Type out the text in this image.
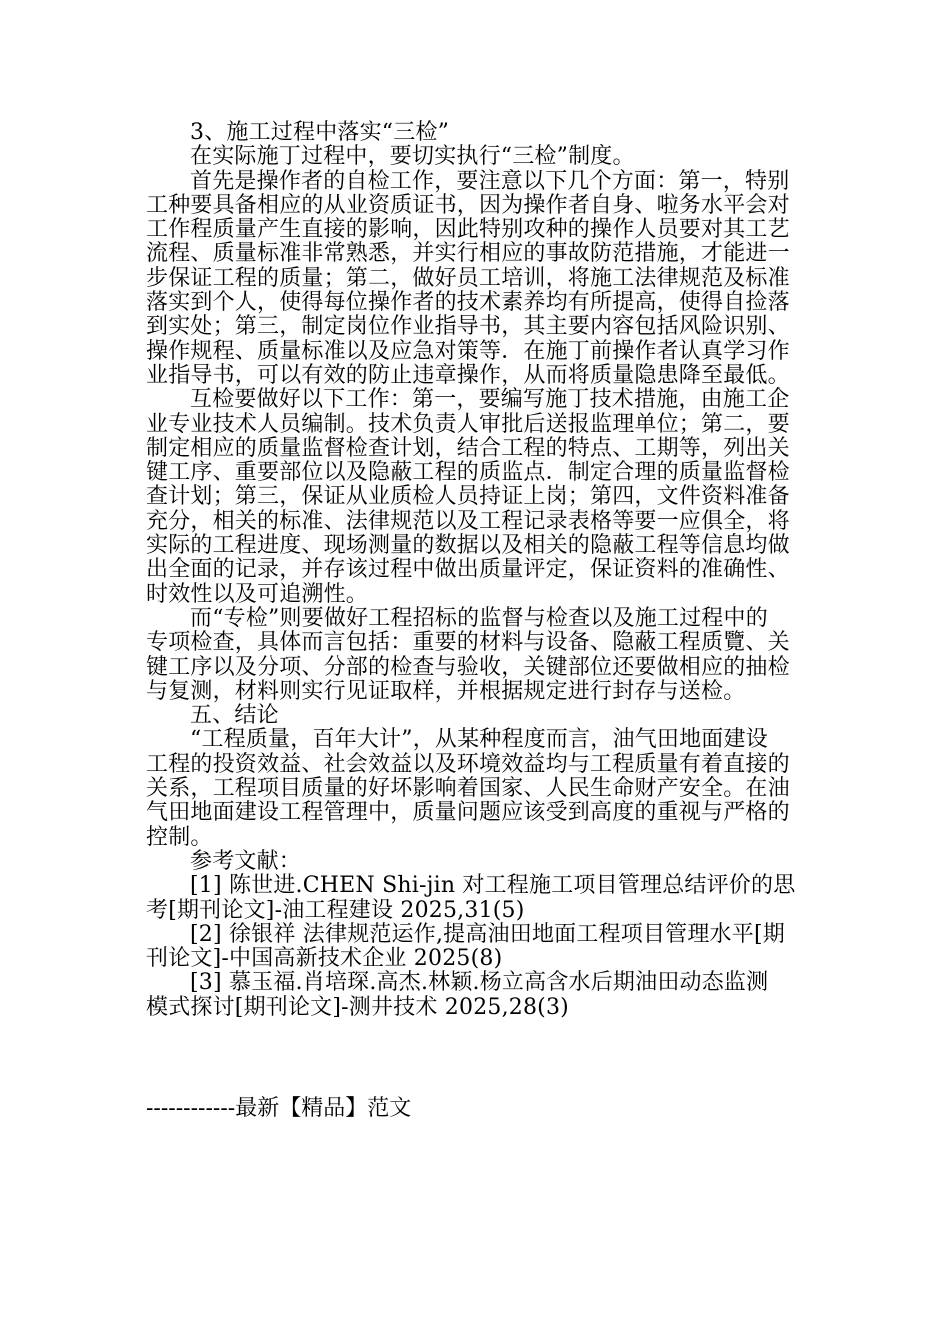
3、施工过程中落实“三检”
在实际施丁过程中，要切实执行“三检”制度。
首先是操作者的自检工作，要注意以下几个方面：第一，特别
工种要具备相应的从业资质证书，因为操作者自身、啦务水平会对
工作程质量产生直接的影响，因此特别攻种的操作人员要对其工艺
流程、质量标准非常熟悉，并实行相应的事故防范措施，才能进一
步保证工程的质量；第二，做好员工培训，将施工法律规范及标准
落实到个人，使得每位操作者的技术素养均有所提高，使得自捡落
到实处；第三，制定岗位作业指导书，其主要内容包括风险识别、
操作规程、质量标准以及应急对策等．在施丁前操作者认真学习作
业指导书，可以有效的防止违章操作，从而将质量隐患降至最低。
互检要做好以下工作：第一，要编写施丁技术措施，由施工企
业专业技术人员编制。技术负责人审批后送报监理单位；第二，要
制定相应的质量监督检查计划，结合工程的特点、工期等，列出关
键工序、重要部位以及隐蔽工程的质监点．制定合理的质量监督检
查计划；第三，保证从业质检人员持证上岗；第四，文件资料准备
充分，相关的标准、法律规范以及工程记录表格等要一应俱全，将
实际的工程进度、现场测量的数据以及相关的隐蔽工程等信息均做
出全面的记录，并存该过程中做出质量评定，保证资料的准确性、
时效性以及可追溯性。
而“专检”则要做好工程招标的监督与检查以及施工过程中的
专项检查，具体而言包括：重要的材料与设备、隐蔽工程质覽、关
键工序以及分项、分部的检查与验收，关键部位还要做相应的抽检
与复测，材料则实行见证取样，并根据规定进行封存与送检。
五、结论
“工程质量，百年大计”，从某种程度而言，油气田地面建设
工程的投资效益、社会效益以及环境效益均与工程质量有着直接的
关系，工程项目质量的好坏影响着国家、人民生命财产安全。在油
气田地面建设工程管理中，质量问题应该受到高度的重视与严格的
控制。
参考文献：
[1] 陈世进.CHEN Shi-jin 对工程施工项目管理总结评价的思
考[期刊论文]-油工程建设 2025,31(5)
[2] 徐银祥 法律规范运作,提高油田地面工程项目管理水平[期
刊论文]-中国高新技术企业 2025(8)
[3] 慕玉福.肖培琛.高杰.林颖.杨立高含水后期油田动态监测
模式探讨[期刊论文]-测井技术 2025,28(3)
------------最新【精品】范文
